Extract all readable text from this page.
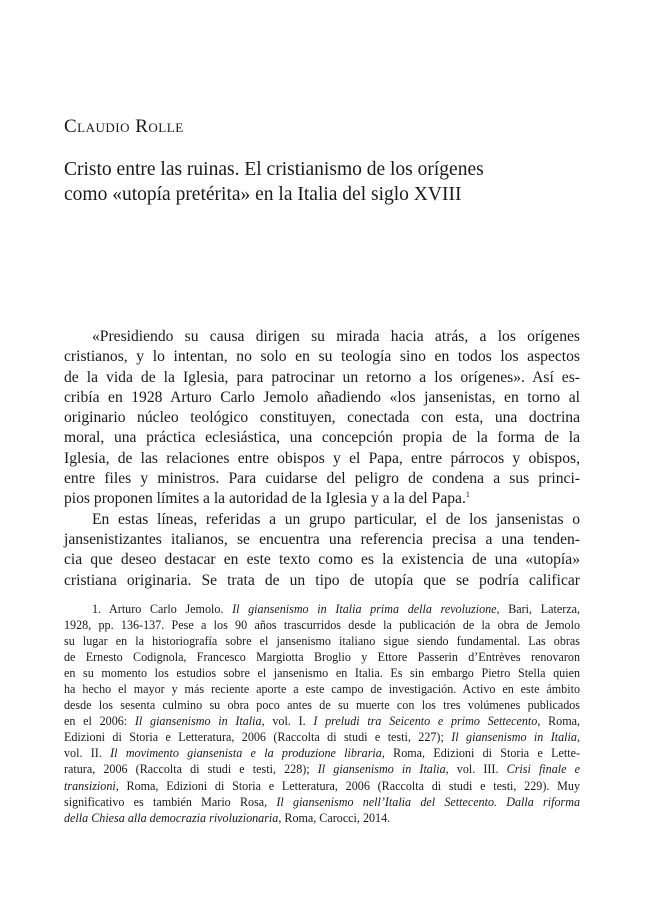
Claudio Rolle
Cristo entre las ruinas. El cristianismo de los orígenes
como «utopía pretérita» en la Italia del siglo XVIII
«Presidiendo su causa dirigen su mirada hacia atrás, a los orígenes
cristianos, y lo intentan, no solo en su teología sino en todos los aspectos
de la vida de la Iglesia, para patrocinar un retorno a los orígenes». Así es-
cribía en 1928 Arturo Carlo Jemolo añadiendo «los jansenistas, en torno al
originario núcleo teológico constituyen, conectada con esta, una doctrina
moral, una práctica eclesiástica, una concepción propia de la forma de la
Iglesia, de las relaciones entre obispos y el Papa, entre párrocos y obispos,
entre files y ministros. Para cuidarse del peligro de condena a sus princi-
pios proponen límites a la autoridad de la Iglesia y a la del Papa.$^1$
En estas líneas, referidas a un grupo particular, el de los jansenistas o
jansenistizantes italianos, se encuentra una referencia precisa a una tenden-
cia que deseo destacar en este texto como es la existencia de una «utopía»
cristiana originaria. Se trata de un tipo de utopía que se podría calificar
1. Arturo Carlo Jemolo. Il giansenismo in Italia prima della revoluzione, Bari, Laterza,
1928, pp. 136-137. Pese a los 90 años trascurridos desde la publicación de la obra de Jemolo
su lugar en la historiografía sobre el jansenismo italiano sigue siendo fundamental. Las obras
de Ernesto Codignola, Francesco Margiotta Broglio y Ettore Passerin d’Entrèves renovaron
en su momento los estudios sobre el jansenismo en Italia. Es sin embargo Pietro Stella quien
ha hecho el mayor y más reciente aporte a este campo de investigación. Activo en este ámbito
desde los sesenta culmino su obra poco antes de su muerte con los tres volúmenes publicados
en el 2006: Il giansenismo in Italia, vol. I. I preludi tra Seicento e primo Settecento, Roma,
Edizioni di Storia e Letteratura, 2006 (Raccolta di studi e testi, 227); Il giansenismo in Italia,
vol. II. Il movimento giansenista e la produzione libraria, Roma, Edizioni di Storia e Lette-
ratura, 2006 (Raccolta di studi e testi, 228); Il giansenismo in Italia, vol. III. Crisi finale e
transizioni, Roma, Edizioni di Storia e Letteratura, 2006 (Raccolta di studi e testi, 229). Muy
significativo es también Mario Rosa, Il giansenismo nell’Italia del Settecento. Dalla riforma
della Chiesa alla democrazia rivoluzionaria, Roma, Carocci, 2014.
